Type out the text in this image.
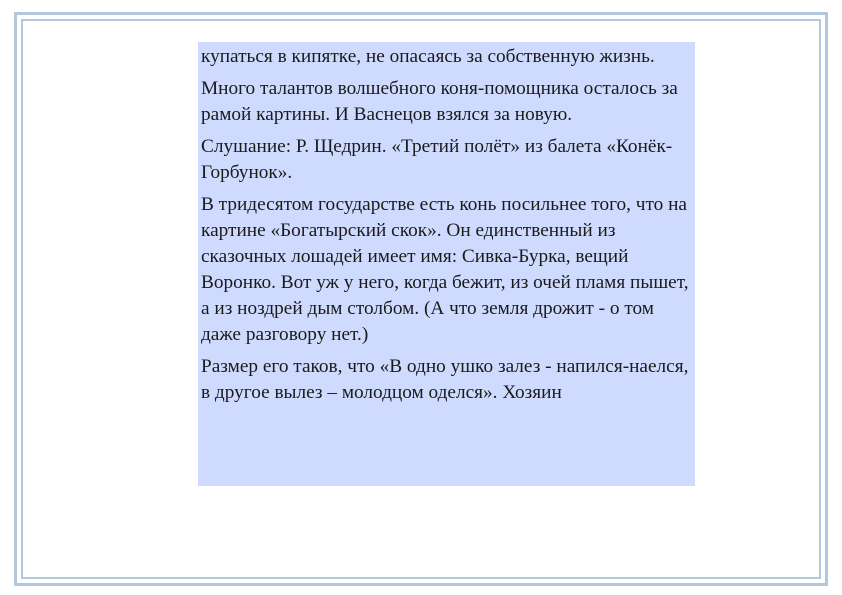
купаться в кипятке, не опасаясь за собственную жизнь.

Много талантов волшебного коня-помощника осталось за рамой картины. И Васнецов взялся за новую.

Слушание: Р. Щедрин. «Третий полёт» из балета «Конёк-Горбунок».

В тридесятом государстве есть конь посильнее того, что на картине «Богатырский скок». Он единственный из сказочных лошадей имеет имя: Сивка-Бурка, вещий Воронко. Вот уж у него, когда бежит, из очей пламя пышет, а из ноздрей дым столбом. (А что земля дрожит - о том даже разговору нет.)

Размер его таков, что «В одно ушко залез - напился-наелся, в другое вылез – молодцом оделся». Хозяин
